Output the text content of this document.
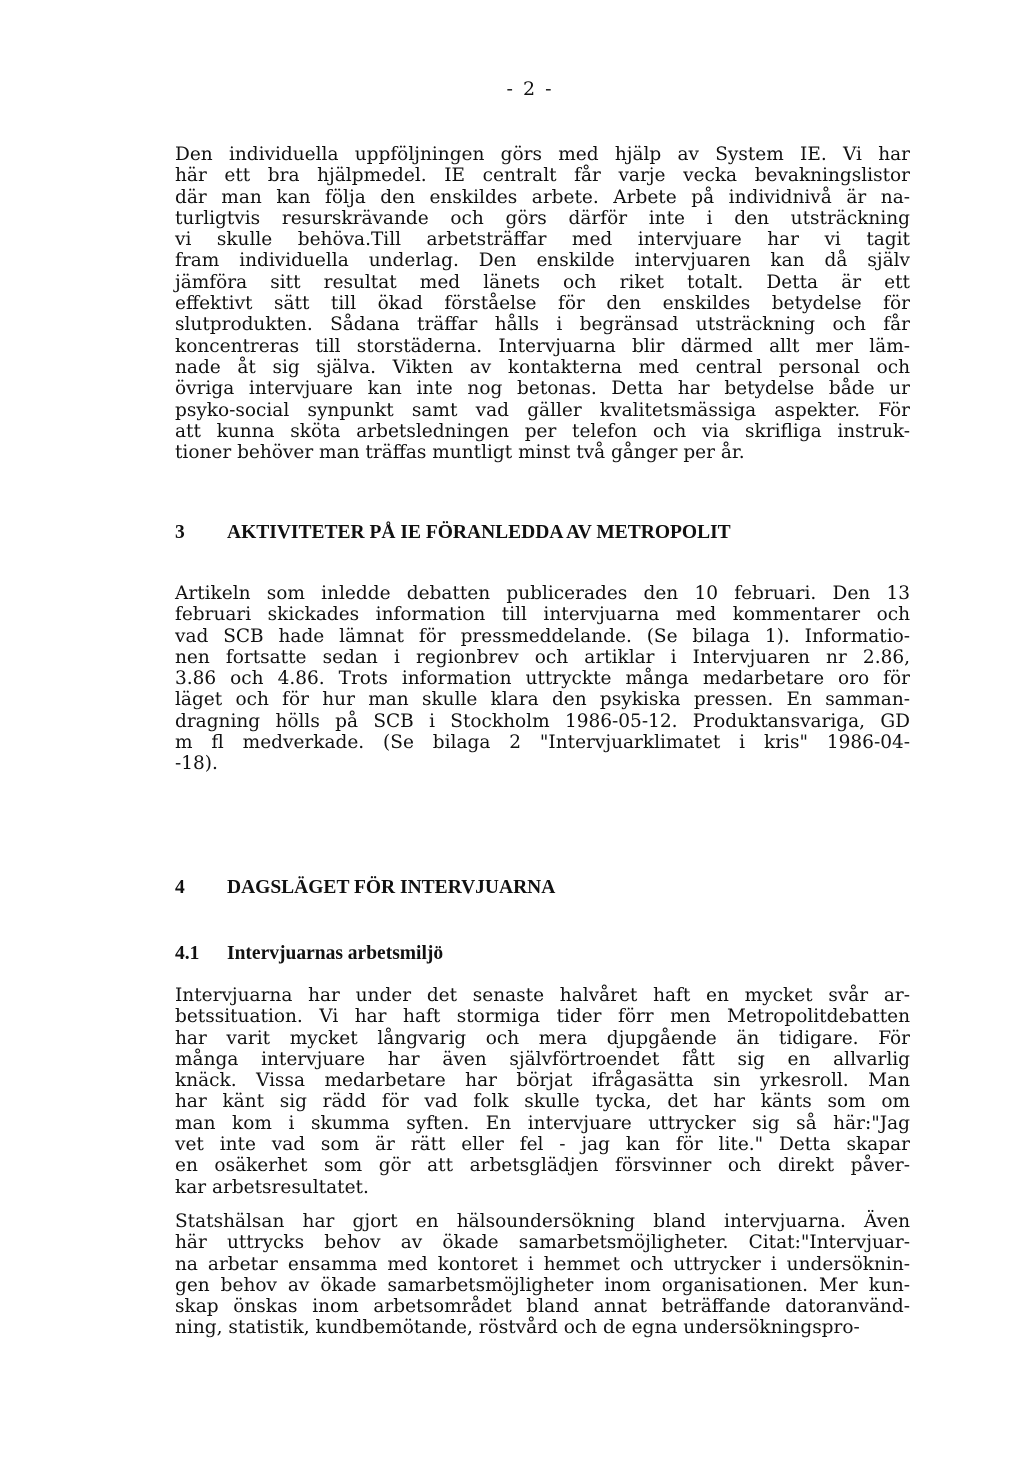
- 2 -
Den individuella uppföljningen görs med hjälp av System IE. Vi har
här ett bra hjälpmedel. IE centralt får varje vecka bevakningslistor
där man kan följa den enskildes arbete. Arbete på individnivå är na-
turligtvis resurskrävande och görs därför inte i den utsträckning
vi skulle behöva.Till arbetsträffar med intervjuare har vi tagit
fram individuella underlag. Den enskilde intervjuaren kan då själv
jämföra sitt resultat med länets och riket totalt. Detta är ett
effektivt sätt till ökad förståelse för den enskildes betydelse för
slutprodukten. Sådana träffar hålls i begränsad utsträckning och får
koncentreras till storstäderna. Intervjuarna blir därmed allt mer läm-
nade åt sig själva. Vikten av kontakterna med central personal och
övriga intervjuare kan inte nog betonas. Detta har betydelse både ur
psyko-social synpunkt samt vad gäller kvalitetsmässiga aspekter. För
att kunna sköta arbetsledningen per telefon och via skrifliga instruk-
tioner behöver man träffas muntligt minst två gånger per år.
3 AKTIVITETER PÅ IE FÖRANLEDDA AV METROPOLIT
Artikeln som inledde debatten publicerades den 10 februari. Den 13
februari skickades information till intervjuarna med kommentarer och
vad SCB hade lämnat för pressmeddelande. (Se bilaga 1). Informatio-
nen fortsatte sedan i regionbrev och artiklar i Intervjuaren nr 2.86,
3.86 och 4.86. Trots information uttryckte många medarbetare oro för
läget och för hur man skulle klara den psykiska pressen. En samman-
dragning hölls på SCB i Stockholm 1986-05-12. Produktansvariga, GD
m fl medverkade. (Se bilaga 2 "Intervjuarklimatet i kris" 1986-04-
-18).
4 DAGSLÄGET FÖR INTERVJUARNA
4.1 Intervjuarnas arbetsmiljö
Intervjuarna har under det senaste halvåret haft en mycket svår ar-
betssituation. Vi har haft stormiga tider förr men Metropolitdebatten
har varit mycket långvarig och mera djupgående än tidigare. För
många intervjuare har även självförtroendet fått sig en allvarlig
knäck. Vissa medarbetare har börjat ifrågasätta sin yrkesroll. Man
har känt sig rädd för vad folk skulle tycka, det har känts som om
man kom i skumma syften. En intervjuare uttrycker sig så här:"Jag
vet inte vad som är rätt eller fel - jag kan för lite." Detta skapar
en osäkerhet som gör att arbetsglädjen försvinner och direkt påver-
kar arbetsresultatet.
Statshälsan har gjort en hälsoundersökning bland intervjuarna. Även
här uttrycks behov av ökade samarbetsmöjligheter. Citat:"Intervjuar-
na arbetar ensamma med kontoret i hemmet och uttrycker i undersöknin-
gen behov av ökade samarbetsmöjligheter inom organisationen. Mer kun-
skap önskas inom arbetsområdet bland annat beträffande datoranvänd-
ning, statistik, kundbemötande, röstvård och de egna undersökningspro-
